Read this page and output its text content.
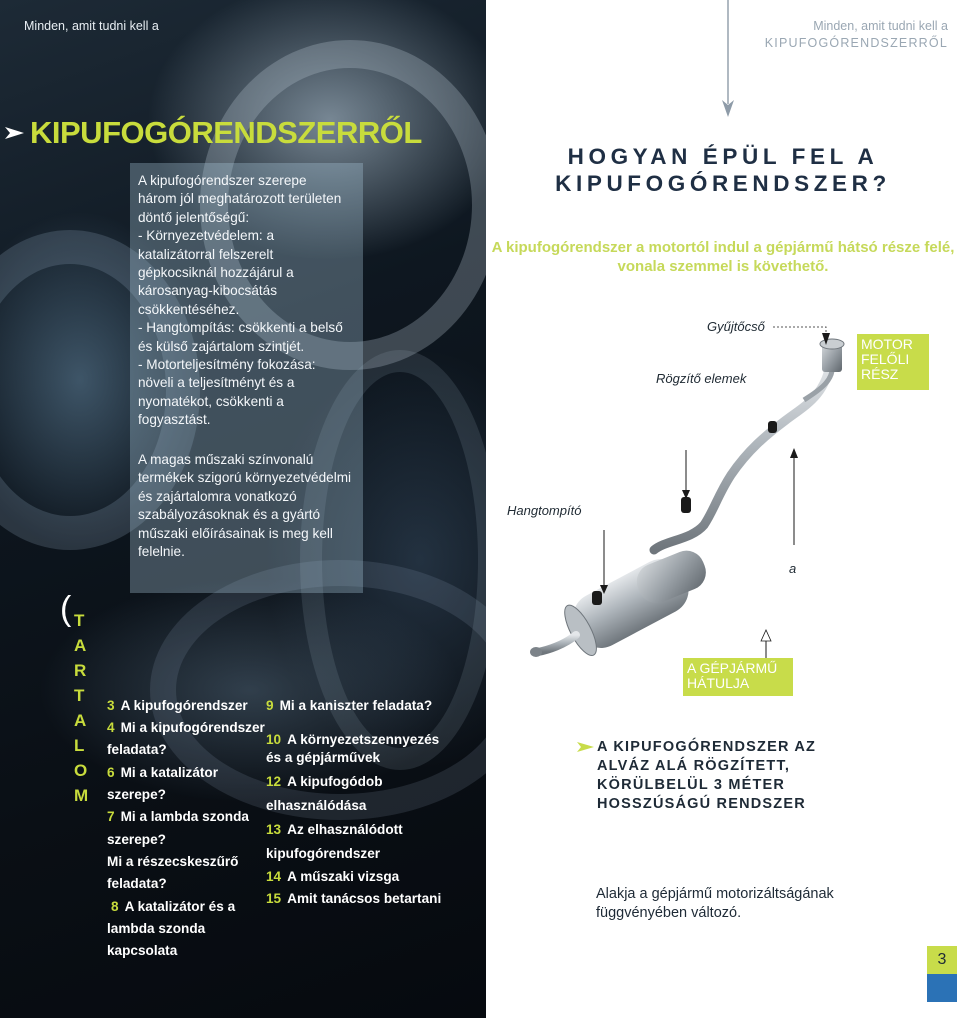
Minden, amit tudni kell a
KIPUFOGÓRENDSZERRŐL
A kipufogórendszer szerepe
három jól meghatározott területen
döntő jelentőségű:
- Környezetvédelem: a
katalizátorral felszerelt
gépkocsiknál hozzájárul a
károsanyag-kibocsátás
csökkentéséhez.
- Hangtompítás: csökkenti a belső
és külső zajártalom szintjét.
- Motorteljesítmény fokozása:
növeli a teljesítményt és a
nyomatékot, csökkenti a
fogyasztást.
A magas műszaki színvonalú termékek szigorú környezetvédelmi és zajártalomra vonatkozó szabályozásoknak és a gyártó műszaki előírásainak is meg kell felelnie.
( T
A
R
T
A
L
O
M
3 A kipufogórendszer
4 Mi a kipufogórendszer
feladata?
6 Mi a katalizátor
szerepe?
7 Mi a lambda szonda
szerepe?
Mi a részecskeszűrő
feladata?
8 A katalizátor és a
lambda szonda
kapcsolata
9 Mi a kaniszter feladata?
10 A környezetszennyezés
és a gépjárművek
12 A kipufogódob
elhasználódása
13 Az elhasználódott
kipufogórendszer
14 A műszaki vizsga
15 Amit tanácsos betartani
Minden, amit tudni kell a
KIPUFOGÓRENDSZERRŐL
HOGYAN ÉPÜL FEL A KIPUFOGÓRENDSZER?
A kipufogórendszer a motortól indul a gépjármű hátsó része felé, vonala szemmel is követhető.
Gyűjtőcső
Rögzítő elemek
Hangtompító
a
MOTOR FELŐLI RÉSZ
A GÉPJÁRMŰ HÁTULJA
A KIPUFOGÓRENDSZER AZ
ALVÁZ ALÁ RÖGZÍTETT,
KÖRÜLBELÜL 3 MÉTER
HOSSZÚSÁGÚ RENDSZER
Alakja a gépjármű motorizáltságának
függvényében változó.
3
